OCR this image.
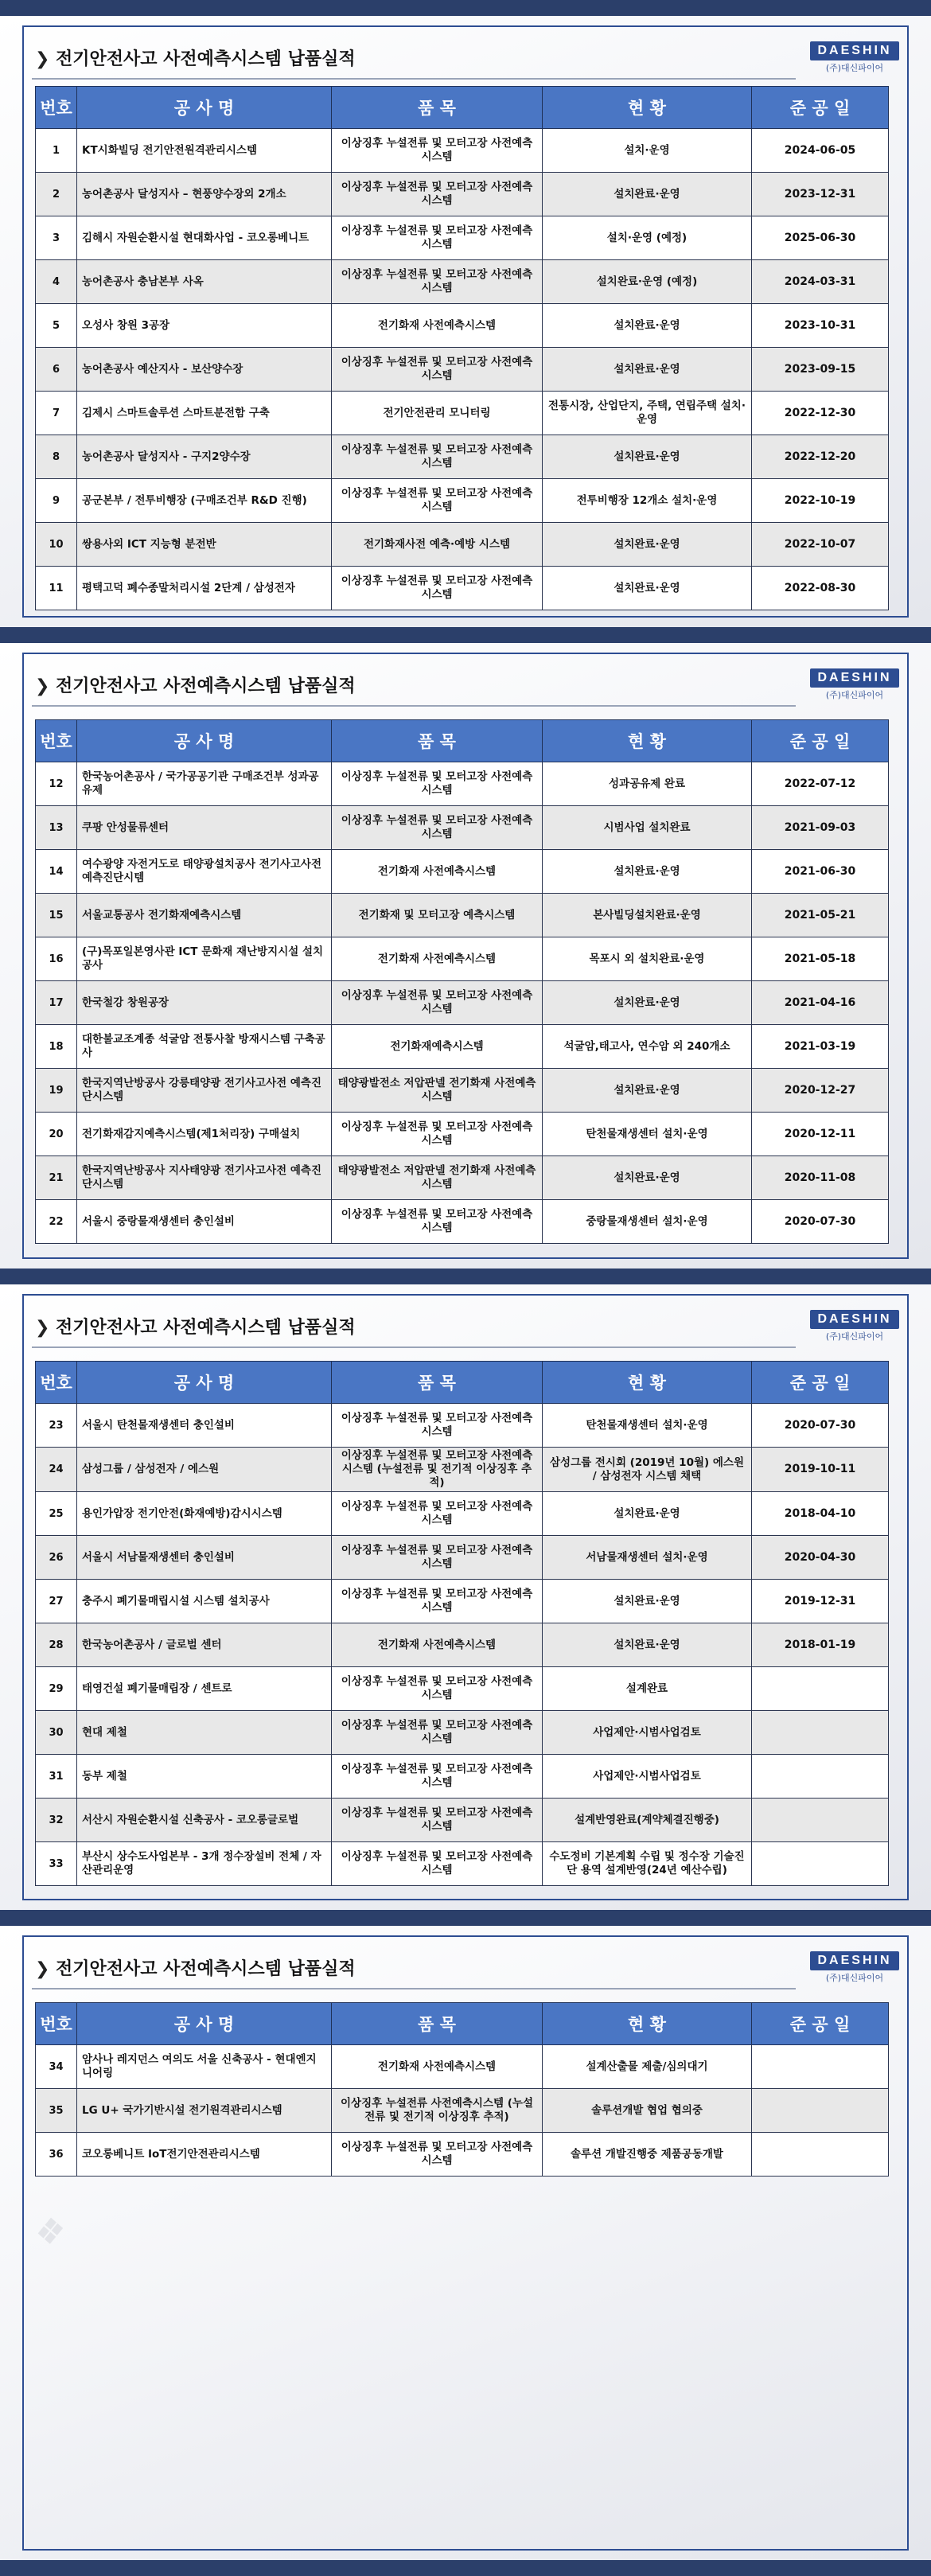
❯ 전기안전사고 사전예측시스템 납품실적	DAESHIN
(주)대신파이어
번호	공 사 명	품 목	현 황	준 공 일
1	KT시화빌딩 전기안전원격관리시스템	이상징후 누설전류 및 모터고장 사전예측시스템	설치·운영	2024-06-05
2	농어촌공사 달성지사 – 현풍양수장외 2개소	이상징후 누설전류 및 모터고장 사전예측시스템	설치완료·운영	2023-12-31
3	김해시 자원순환시설 현대화사업 - 코오롱베니트	이상징후 누설전류 및 모터고장 사전예측시스템	설치·운영 (예정)	2025-06-30
4	농어촌공사 충남본부 사옥	이상징후 누설전류 및 모터고장 사전예측시스템	설치완료·운영 (예정)	2024-03-31
5	오성사 창원 3공장	전기화재 사전예측시스템	설치완료·운영	2023-10-31
6	농어촌공사 예산지사 - 보산양수장	이상징후 누설전류 및 모터고장 사전예측시스템	설치완료·운영	2023-09-15
7	김제시 스마트솔루션 스마트분전함 구축	전기안전관리 모니터링	전통시장, 산업단지, 주택, 연립주택 설치·운영	2022-12-30
8	농어촌공사 달성지사 - 구지2양수장	이상징후 누설전류 및 모터고장 사전예측시스템	설치완료·운영	2022-12-20
9	공군본부 / 전투비행장 (구매조건부 R&D 진행)	이상징후 누설전류 및 모터고장 사전예측시스템	전투비행장 12개소 설치·운영	2022-10-19
10	쌍용사외 ICT 지능형 분전반	전기화재사전 예측·예방 시스템	설치완료·운영	2022-10-07
11	평택고덕 폐수종말처리시설 2단계 / 삼성전자	이상징후 누설전류 및 모터고장 사전예측시스템	설치완료·운영	2022-08-30
❯ 전기안전사고 사전예측시스템 납품실적	DAESHIN
(주)대신파이어
번호	공 사 명	품 목	현 황	준 공 일
12	한국농어촌공사 / 국가공공기관 구매조건부 성과공유제	이상징후 누설전류 및 모터고장 사전예측시스템	성과공유제 완료	2022-07-12
13	쿠팡 안성물류센터	이상징후 누설전류 및 모터고장 사전예측시스템	시범사업 설치완료	2021-09-03
14	여수광양 자전거도로 태양광설치공사 전기사고사전예측진단시템	전기화재 사전예측시스템	설치완료·운영	2021-06-30
15	서울교통공사 전기화재예측시스템	전기화재 및 모터고장 예측시스템	본사빌딩설치완료·운영	2021-05-21
16	(구)목포일본영사관 ICT 문화재 재난방지시설 설치공사	전기화재 사전예측시스템	목포시 외 설치완료·운영	2021-05-18
17	한국철강 창원공장	이상징후 누설전류 및 모터고장 사전예측시스템	설치완료·운영	2021-04-16
18	대한불교조계종 석굴암 전통사찰 방재시스템 구축공사	전기화재예측시스템	석굴암,태고사, 연수암 외 240개소	2021-03-19
19	한국지역난방공사 강릉태양광 전기사고사전 예측진단시스템	태양광발전소 저압판넬 전기화재 사전예측시스템	설치완료·운영	2020-12-27
20	전기화재감지예측시스템(제1처리장) 구매설치	이상징후 누설전류 및 모터고장 사전예측시스템	탄천물재생센터 설치·운영	2020-12-11
21	한국지역난방공사 지사태양광 전기사고사전 예측진단시스템	태양광발전소 저압판넬 전기화재 사전예측시스템	설치완료·운영	2020-11-08
22	서울시 중랑물재생센터 충인설비	이상징후 누설전류 및 모터고장 사전예측시스템	중랑물재생센터 설치·운영	2020-07-30
❯ 전기안전사고 사전예측시스템 납품실적	DAESHIN
(주)대신파이어
번호	공 사 명	품 목	현 황	준 공 일
23	서울시 탄천물재생센터 충인설비	이상징후 누설전류 및 모터고장 사전예측시스템	탄천물재생센터 설치·운영	2020-07-30
24	삼성그룹 / 삼성전자 / 에스원	이상징후 누설전류 및 모터고장 사전예측시스템 (누설전류 및 전기적 이상징후 추적)	삼성그룹 전시회 (2019년 10월) 에스원 / 삼성전자 시스템 채택	2019-10-11
25	용인가압장 전기안전(화재예방)감시시스템	이상징후 누설전류 및 모터고장 사전예측시스템	설치완료·운영	2018-04-10
26	서울시 서남물재생센터 충인설비	이상징후 누설전류 및 모터고장 사전예측시스템	서남물재생센터 설치·운영	2020-04-30
27	충주시 폐기물매립시설 시스템 설치공사	이상징후 누설전류 및 모터고장 사전예측시스템	설치완료·운영	2019-12-31
28	한국농어촌공사 / 글로벌 센터	전기화재 사전예측시스템	설치완료·운영	2018-01-19
29	태영건설 폐기물매립장 / 센트로	이상징후 누설전류 및 모터고장 사전예측시스템	설계완료	
30	현대 제철	이상징후 누설전류 및 모터고장 사전예측시스템	사업제안·시범사업검토	
31	동부 제철	이상징후 누설전류 및 모터고장 사전예측시스템	사업제안·시범사업검토	
32	서산시 자원순환시설 신축공사 - 코오롱글로벌	이상징후 누설전류 및 모터고장 사전예측시스템	설계반영완료(계약체결진행중)	
33	부산시 상수도사업본부 - 3개 정수장설비 전체 / 자산관리운영	이상징후 누설전류 및 모터고장 사전예측시스템	수도정비 기본계획 수립 및 정수장 기술진단 용역 설계반영(24년 예산수립)	
❖
❯ 전기안전사고 사전예측시스템 납품실적	DAESHIN
(주)대신파이어
번호	공 사 명	품 목	현 황	준 공 일
34	암사나 레지던스 여의도 서울 신축공사 - 현대엔지니어링	전기화재 사전예측시스템	설계산출물 제출/심의대기	
35	LG U+ 국가기반시설 전기원격관리시스템	이상징후 누설전류 사전예측시스템 (누설전류 및 전기적 이상징후 추적)	솔루션개발 협업 협의중	
36	코오롱베니트 IoT전기안전관리시스템	이상징후 누설전류 및 모터고장 사전예측시스템	솔루션 개발진행중 제품공동개발	
